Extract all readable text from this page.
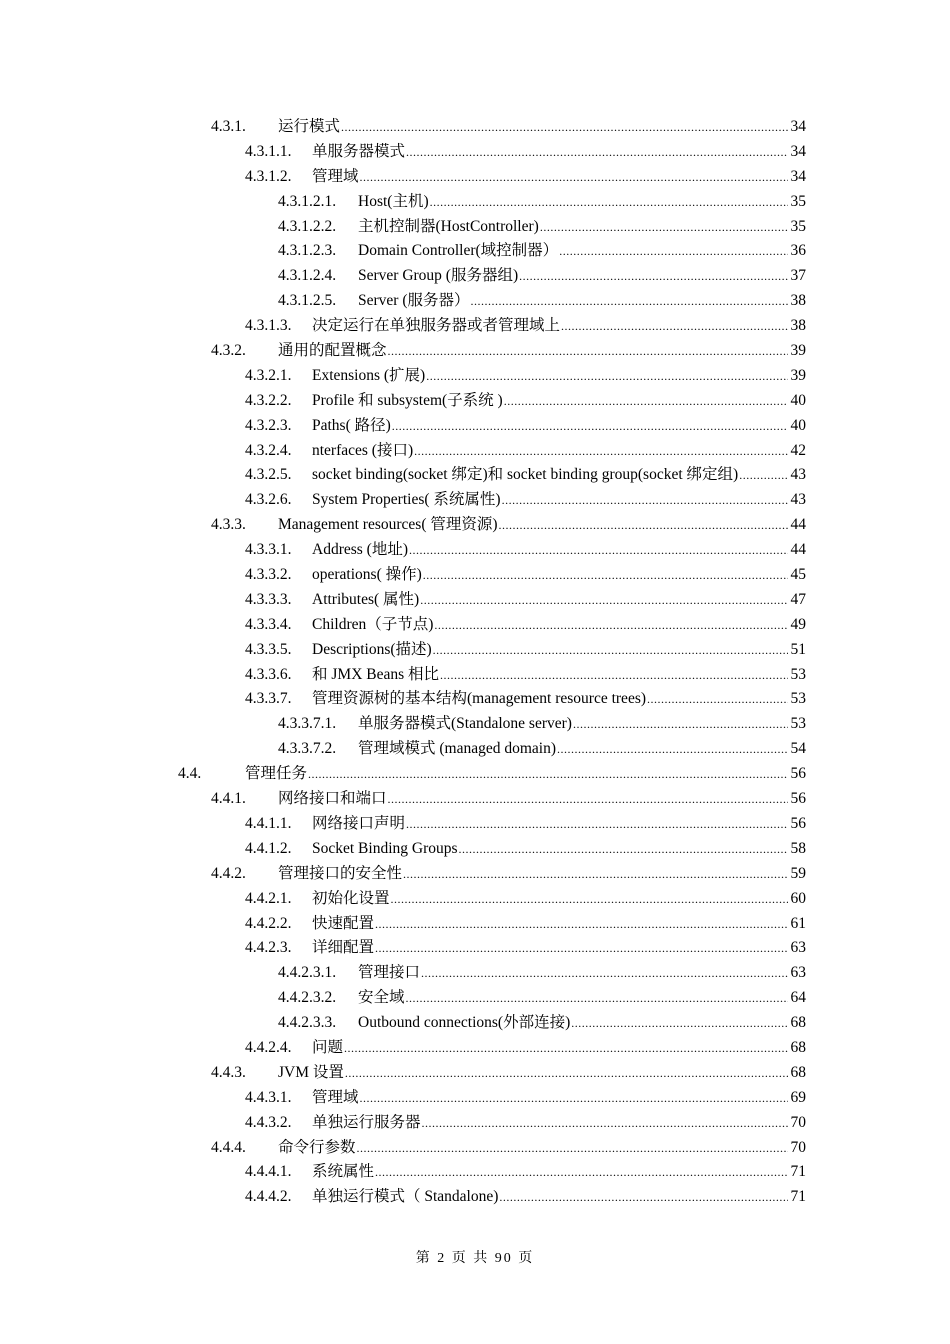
4.3.1. 运行模式 .....	34
4.3.1.1. 单服务器模式 .....	34
4.3.1.2. 管理域 .....	34
4.3.1.2.1. Host(主机) .....	35
4.3.1.2.2. 主机控制器(HostController) .....	35
4.3.1.2.3. Domain Controller(域控制器） .....	36
4.3.1.2.4. Server Group (服务器组) .....	37
4.3.1.2.5. Server (服务器） .....	38
4.3.1.3. 决定运行在单独服务器或者管理域上 .....	38
4.3.2. 通用的配置概念 .....	39
4.3.2.1. Extensions (扩展) .....	39
4.3.2.2. Profile 和 subsystem(子系统 ) .....	40
4.3.2.3. Paths( 路径) .....	40
4.3.2.4. nterfaces (接口) .....	42
4.3.2.5. socket binding(socket 绑定)和 socket binding group(socket 绑定组) .....	43
4.3.2.6. System Properties( 系统属性) .....	43
4.3.3. Management resources( 管理资源) .....	44
4.3.3.1. Address (地址) .....	44
4.3.3.2. operations( 操作) .....	45
4.3.3.3. Attributes( 属性) .....	47
4.3.3.4. Children（子节点) .....	49
4.3.3.5. Descriptions(描述) .....	51
4.3.3.6. 和 JMX Beans 相比 .....	53
4.3.3.7. 管理资源树的基本结构(management resource trees) .....	53
4.3.3.7.1. 单服务器模式(Standalone server) .....	53
4.3.3.7.2. 管理域模式 (managed domain) .....	54
4.4.	管理任务 .....	56
4.4.1. 网络接口和端口 .....	56
4.4.1.1. 网络接口声明 .....	56
4.4.1.2. Socket Binding Groups .....	58
4.4.2. 管理接口的安全性 .....	59
4.4.2.1. 初始化设置 .....	60
4.4.2.2. 快速配置 .....	61
4.4.2.3. 详细配置 .....	63
4.4.2.3.1. 管理接口 .....	63
4.4.2.3.2. 安全域 .....	64
4.4.2.3.3. Outbound connections(外部连接) .....	68
4.4.2.4. 问题 .....	68
4.4.3. JVM 设置 .....	68
4.4.3.1. 管理域 .....	69
4.4.3.2. 单独运行服务器 .....	70
4.4.4. 命令行参数 .....	70
4.4.4.1. 系统属性 .....	71
4.4.4.2. 单独运行模式（ Standalone) .....	71
第 2 页 共 90 页
